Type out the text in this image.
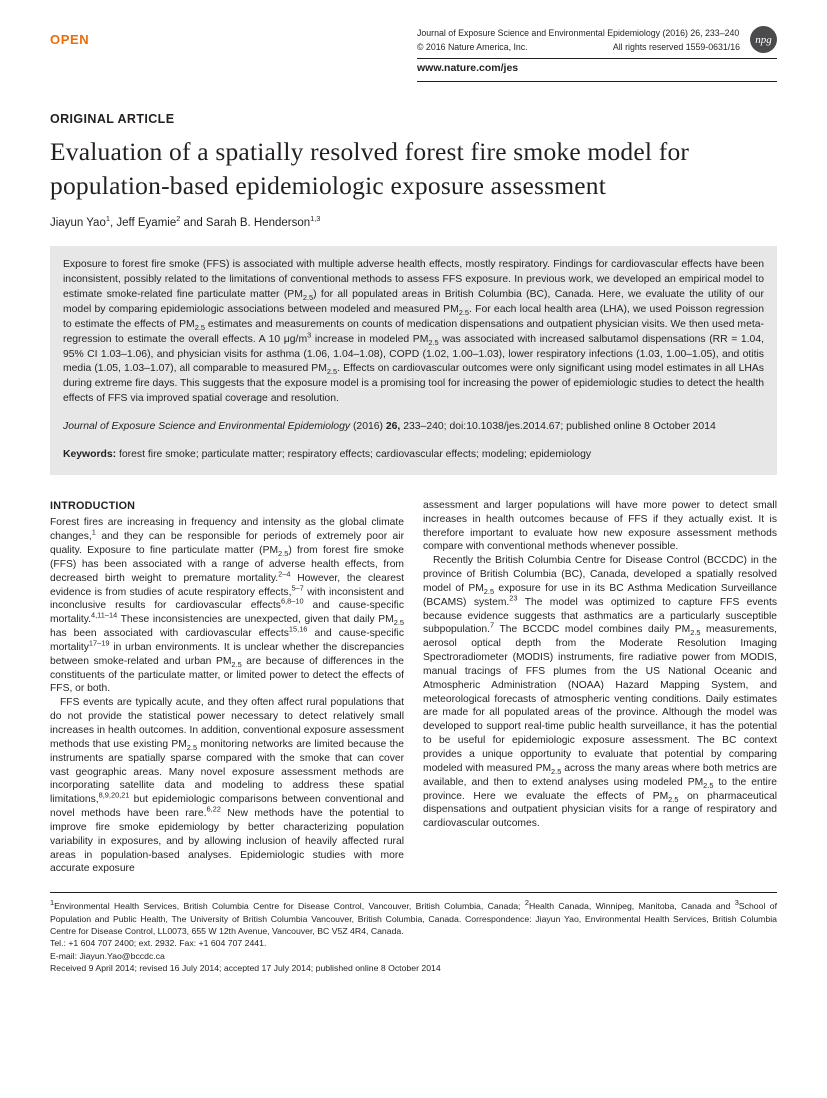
OPEN	Journal of Exposure Science and Environmental Epidemiology (2016) 26, 233–240
© 2016 Nature America, Inc.	All rights reserved 1559-0631/16
npg
www.nature.com/jes
ORIGINAL ARTICLE
Evaluation of a spatially resolved forest fire smoke model for population-based epidemiologic exposure assessment
Jiayun Yao$^1$, Jeff Eyamie$^2$ and Sarah B. Henderson$^{1,3}$

Exposure to forest fire smoke (FFS) is associated with multiple adverse health effects, mostly respiratory. Findings for cardiovascular effects have been inconsistent, possibly related to the limitations of conventional methods to assess FFS exposure. In previous work, we developed an empirical model to estimate smoke-related fine particulate matter $(PM_{2.5})$ for all populated areas in British Columbia (BC), Canada. Here, we evaluate the utility of our model by comparing epidemiologic associations between modeled and measured $PM_{2.5}$. For each local health area (LHA), we used Poisson regression to estimate the effects of $PM_{2.5}$ estimates and measurements on counts of medication dispensations and outpatient physician visits. We then used meta-regression to estimate the overall effects. A 10 $\mu g/m^3$ increase in modeled $PM_{2.5}$ was associated with increased salbutamol dispensations (RR = 1.04, 95% CI 1.03–1.06), and physician visits for asthma (1.06, 1.04–1.08), COPD (1.02, 1.00–1.03), lower respiratory infections (1.03, 1.00–1.05), and otitis media (1.05, 1.03–1.07), all comparable to measured $PM_{2.5}$. Effects on cardiovascular outcomes were only significant using model estimates in all LHAs during extreme fire days. This suggests that the exposure model is a promising tool for increasing the power of epidemiologic studies to detect the health effects of FFS via improved spatial coverage and resolution.

Journal of Exposure Science and Environmental Epidemiology (2016) 26, 233–240; doi:10.1038/jes.2014.67; published online 8 October 2014

Keywords: forest fire smoke; particulate matter; respiratory effects; cardiovascular effects; modeling; epidemiology

INTRODUCTION

Forest fires are increasing in frequency and intensity as the global climate changes,$^1$ and they can be responsible for periods of extremely poor air quality. Exposure to fine particulate matter $(PM_{2.5})$ from forest fire smoke (FFS) has been associated with a range of adverse health effects, from decreased birth weight to premature mortality.$^{2-4}$ However, the clearest evidence is from studies of acute respiratory effects,$^{5-7}$ with inconsistent and inconclusive results for cardiovascular effects$^{6,8-10}$ and cause-specific mortality.$^{4,11-14}$ These inconsistencies are unexpected, given that daily $PM_{2.5}$ has been associated with cardiovascular effects$^{15,16}$ and cause-specific mortality$^{17-19}$ in urban environments. It is unclear whether the discrepancies between smoke-related and urban $PM_{2.5}$ are because of differences in the constituents of the particulate matter, or limited power to detect the effects of FFS, or both.

FFS events are typically acute, and they often affect rural populations that do not provide the statistical power necessary to detect relatively small increases in health outcomes. In addition, conventional exposure assessment methods that use existing $PM_{2.5}$ monitoring networks are limited because the instruments are spatially sparse compared with the smoke that can cover vast geographic areas. Many novel exposure assessment methods are incorporating satellite data and modeling to address these spatial limitations,$^{8,9,20,21}$ but epidemiologic comparisons between conventional and novel methods have been rare.$^{6,22}$ New methods have the potential to improve fire smoke epidemiology by better characterizing population variability in exposures, and by allowing inclusion of heavily affected rural areas in population-based analyses. Epidemiologic studies with more accurate exposure

assessment and larger populations will have more power to detect small increases in health outcomes because of FFS if they actually exist. It is therefore important to evaluate how new exposure assessment methods compare with conventional methods whenever possible.

Recently the British Columbia Centre for Disease Control (BCCDC) in the province of British Columbia (BC), Canada, developed a spatially resolved model of $PM_{2.5}$ exposure for use in its BC Asthma Medication Surveillance (BCAMS) system.$^{23}$ The model was optimized to capture FFS events because evidence suggests that asthmatics are a particularly susceptible subpopulation.$^7$ The BCCDC model combines daily $PM_{2.5}$ measurements, aerosol optical depth from the Moderate Resolution Imaging Spectroradiometer (MODIS) instruments, fire radiative power from MODIS, manual tracings of FFS plumes from the US National Oceanic and Atmospheric Administration (NOAA) Hazard Mapping System, and meteorological forecasts of atmospheric venting conditions. Daily estimates are made for all populated areas of the province. Although the model was developed to support real-time public health surveillance, it has the potential to be useful for epidemiologic exposure assessment. The BC context provides a unique opportunity to evaluate that potential by comparing modeled with measured $PM_{2.5}$ across the many areas where both metrics are available, and then to extend analyses using modeled $PM_{2.5}$ to the entire province. Here we evaluate the effects of $PM_{2.5}$ on pharmaceutical dispensations and outpatient physician visits for a range of respiratory and cardiovascular outcomes.

$^1$Environmental Health Services, British Columbia Centre for Disease Control, Vancouver, British Columbia, Canada; $^2$Health Canada, Winnipeg, Manitoba, Canada and $^3$School of Population and Public Health, The University of British Columbia Vancouver, British Columbia, Canada. Correspondence: Jiayun Yao, Environmental Health Services, British Columbia Centre for Disease Control, LL0073, 655 W 12th Avenue, Vancouver, BC V5Z 4R4, Canada.

Tel.: +1 604 707 2400; ext. 2932. Fax: +1 604 707 2441.

E-mail: Jiayun.Yao@bccdc.ca

Received 9 April 2014; revised 16 July 2014; accepted 17 July 2014; published online 8 October 2014
